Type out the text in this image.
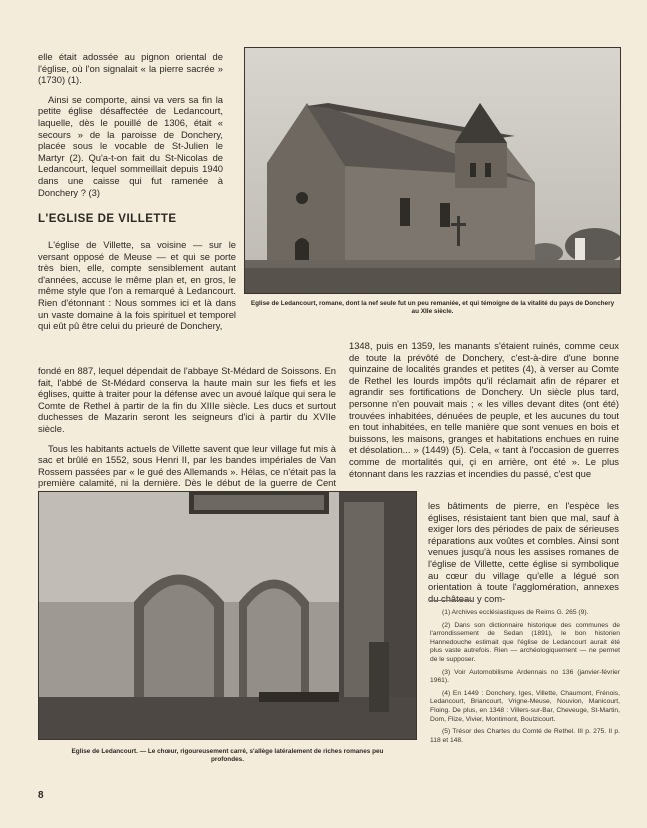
elle était adossée au pignon oriental de l'église, où l'on signalait « la pierre sacrée » (1730) (1).

Ainsi se comporte, ainsi va vers sa fin la petite église désaffectée de Ledancourt, laquelle, dès le pouillé de 1306, était « secours » de la paroisse de Donchery, placée sous le vocable de St-Julien le Martyr (2). Qu'a-t-on fait du St-Nicolas de Ledancourt, lequel sommeillait depuis 1940 dans une caisse qui fut ramenée à Donchery ? (3)

L'EGLISE DE VILLETTE

L'église de Villette, sa voisine — sur le versant opposé de Meuse — et qui se porte très bien, elle, compte sensiblement autant d'années, accuse le même plan et, en gros, le même style que l'on a remarqué à Ledancourt. Rien d'étonnant : Nous sommes ici et là dans un vaste domaine à la fois spirituel et temporel qui eût pû être celui du prieuré de Donchery,

fondé en 887, lequel dépendait de l'abbaye St-Médard de Soissons. En fait, l'abbé de St-Médard conserva la haute main sur les fiefs et les églises, quitte à traiter pour la défense avec un avoué laïque qui sera le Comte de Rethel à partir de la fin du XIIIe siècle. Les ducs et surtout duchesses de Mazarin seront les seigneurs d'ici à partir du XVIIe siècle.

Tous les habitants actuels de Villette savent que leur village fut mis à sac et brûlé en 1552, sous Henri II, par les bandes impériales de Van Rossem passées par « le gué des Allemands ». Hélas, ce n'était pas la première calamité, ni la dernière. Dès le début de la guerre de Cent

Eglise de Ledancourt, romane, dont la nef seule fut un peu remaniée, et qui témoigne de la vitalité du pays de Donchery au XIIe siècle.

1348, puis en 1359, les manants s'étaient ruinés, comme ceux de toute la prévôté de Donchery, c'est-à-dire d'une bonne quinzaine de localités grandes et petites (4), à verser au Comte de Rethel les lourds impôts qu'il réclamait afin de réparer et agrandir ses fortifications de Donchery. Un siècle plus tard, personne n'en pouvait mais ; « les villes devant dites (ont été) trouvées inhabitées, dénuées de peuple, et les aucunes du tout en tout inhabitées, en telle manière que sont venues en bois et buissons, les maisons, granges et habitations enchues en ruine et désolation... » (1449) (5). Cela, « tant à l'occasion de guerres comme de mortalités qui, çi en arrière, ont été ». Le plus étonnant dans les razzias et incendies du passé, c'est que

les bâtiments de pierre, en l'espèce les églises, résistaient tant bien que mal, sauf à exiger lors des périodes de paix de sérieuses réparations aux voûtes et combles. Ainsi sont venues jusqu'à nous les assises romanes de l'église de Villette, cette église si symbolique au cœur du village qu'elle a légué son orientation à toute l'agglomération, annexes du château y com-

Eglise de Ledancourt. — Le chœur, rigoureusement carré, s'allège latéralement de riches romanes peu profondes.

(1) Archives ecclésiastiques de Reims G. 265 (9).

(2) Dans son dictionnaire historique des communes de l'arrondissement de Sedan (1891), le bon historien Hannedouche estimait que l'église de Ledancourt aurait été plus vaste autrefois. Rien — archéologiquement — ne permet de le supposer.

(3) Voir Automobilisme Ardennais no 136 (janvier-février 1961).

(4) En 1449 : Donchery, Iges, Villette, Chaumont, Frénois, Ledancourt, Briancourt, Vrigne-Meuse, Nouvion, Manicourt, Floing. De plus, en 1348 : Villers-sur-Bar, Cheveuge, St-Martin, Dom, Flize, Vivier, Montimont, Boulzicourt.

(5) Trésor des Chartes du Comté de Rethel. III p. 275. II p. 118 et 148.

8
